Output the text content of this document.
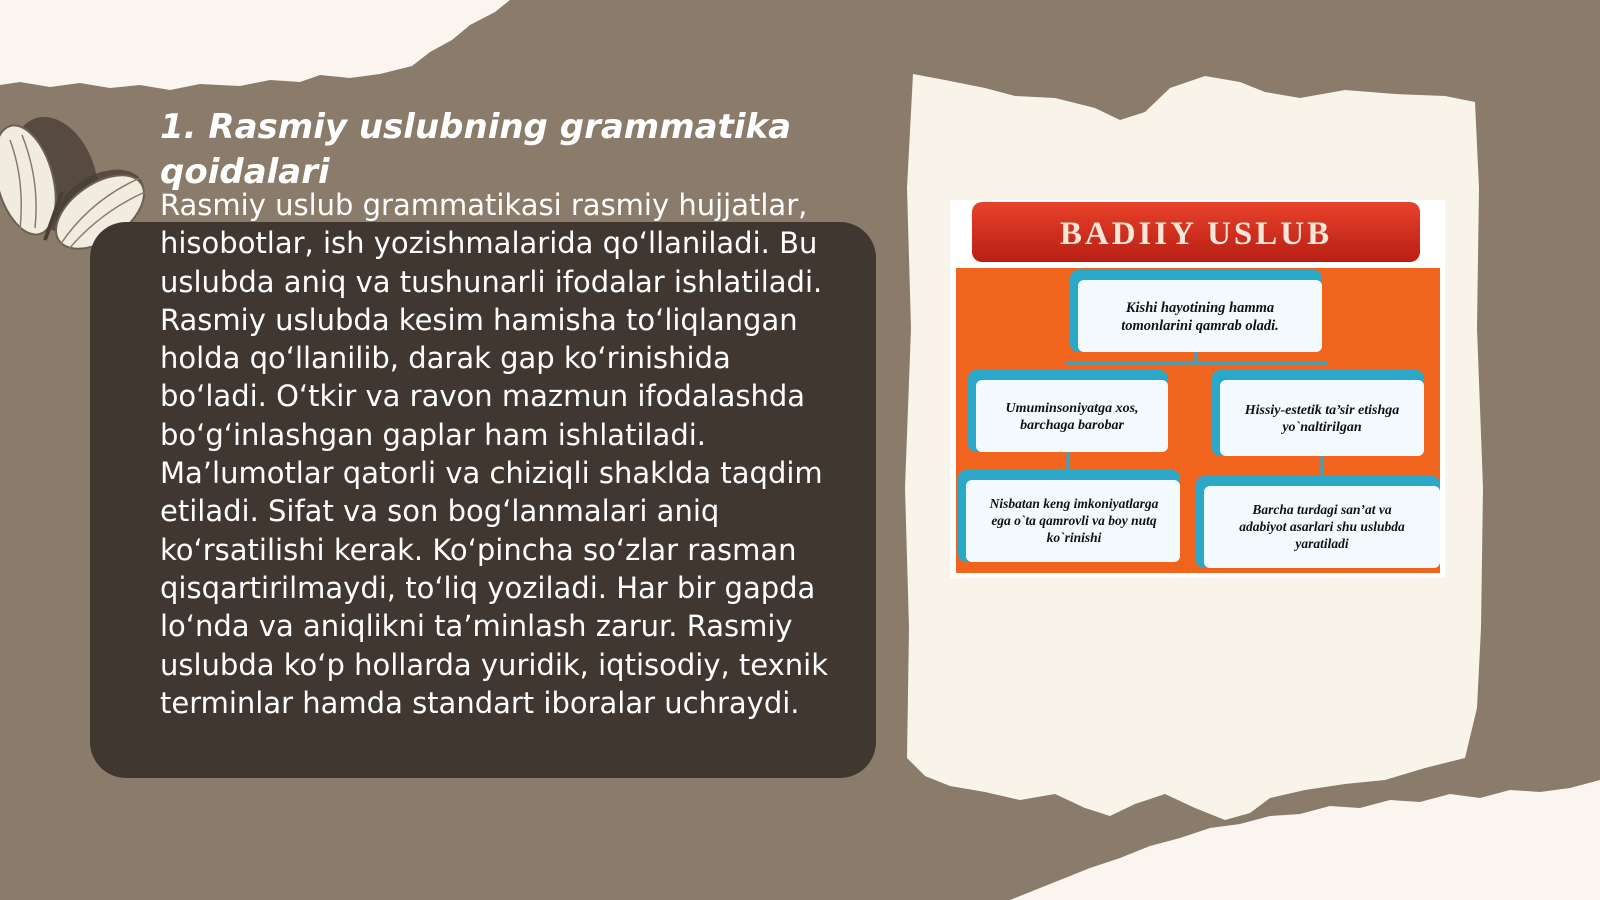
1. Rasmiy uslubning grammatika qoidalari

Rasmiy uslub grammatikasi rasmiy hujjatlar, hisobotlar, ish yozishmalarida qo‘llaniladi. Bu uslubda aniq va tushunarli ifodalar ishlatiladi. Rasmiy uslubda kesim hamisha to‘liqlangan holda qo‘llanilib, darak gap ko‘rinishida bo‘ladi. O‘tkir va ravon mazmun ifodalashda bo‘g‘inlashgan gaplar ham ishlatiladi. Ma’lumotlar qatorli va chiziqli shaklda taqdim etiladi. Sifat va son bog‘lanmalari aniq ko‘rsatilishi kerak. Ko‘pincha so‘zlar rasman qisqartirilmaydi, to‘liq yoziladi. Har bir gapda lo‘nda va aniqlikni ta’minlash zarur. Rasmiy uslubda ko‘p hollarda yuridik, iqtisodiy, texnik terminlar hamda standart iboralar uchraydi.

BADIIY USLUB
Kishi hayotining hamma
tomonlarini qamrab oladi.
Umuminsoniyatga xos,
barchaga barobar
Hissiy-estetik ta’sir etishga
yo`naltirilgan
Nisbatan keng imkoniyatlarga
ega o`ta qamrovli va boy nutq
ko`rinishi
Barcha turdagi san’at va
adabiyot asarlari shu uslubda
yaratiladi
